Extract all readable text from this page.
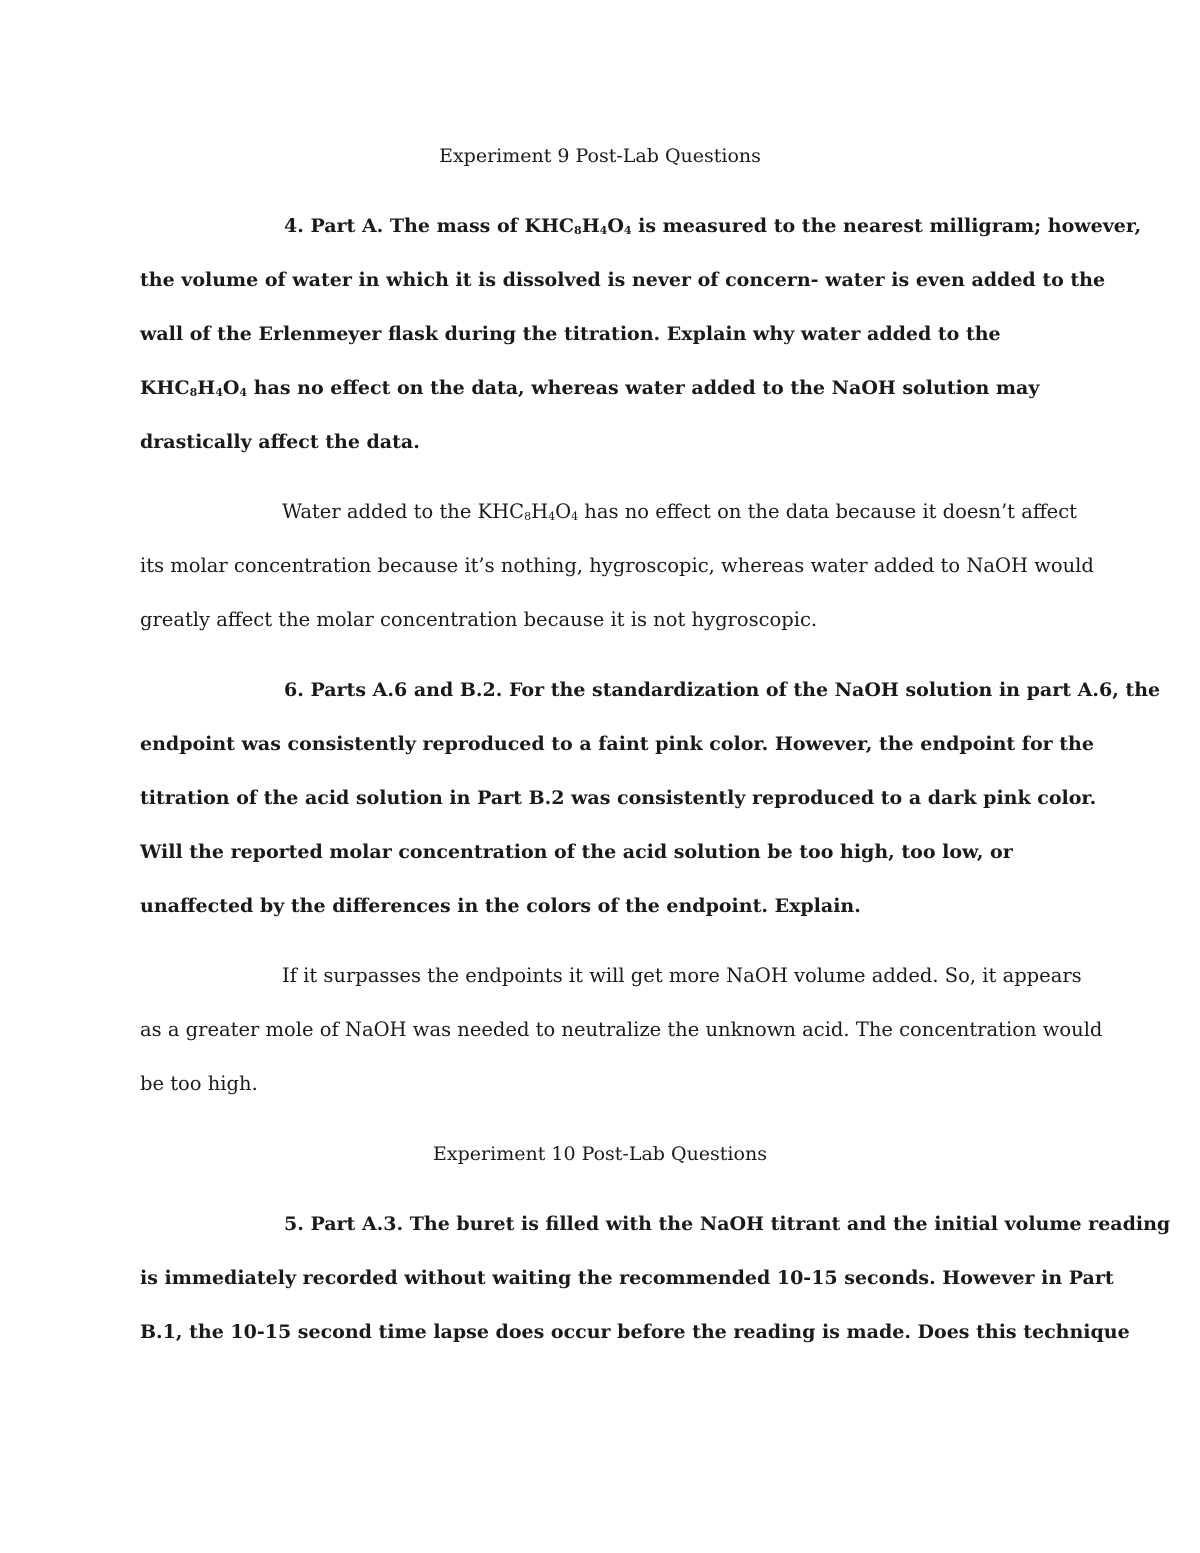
Experiment 9 Post-Lab Questions
4. Part A. The mass of $KHC_8H_4O_4$ is measured to the nearest milligram; however,
the volume of water in which it is dissolved is never of concern- water is even added to the
wall of the Erlenmeyer flask during the titration. Explain why water added to the
$KHC_8H_4O_4$ has no effect on the data, whereas water added to the NaOH solution may
drastically affect the data.
Water added to the $KHC_8H_4O_4$ has no effect on the data because it doesn’t affect
its molar concentration because it’s nothing, hygroscopic, whereas water added to NaOH would
greatly affect the molar concentration because it is not hygroscopic.
6. Parts A.6 and B.2. For the standardization of the NaOH solution in part A.6, the
endpoint was consistently reproduced to a faint pink color. However, the endpoint for the
titration of the acid solution in Part B.2 was consistently reproduced to a dark pink color.
Will the reported molar concentration of the acid solution be too high, too low, or
unaffected by the differences in the colors of the endpoint. Explain.
If it surpasses the endpoints it will get more NaOH volume added. So, it appears
as a greater mole of NaOH was needed to neutralize the unknown acid. The concentration would
be too high.
Experiment 10 Post-Lab Questions
5. Part A.3. The buret is filled with the NaOH titrant and the initial volume reading
is immediately recorded without waiting the recommended 10-15 seconds. However in Part
B.1, the 10-15 second time lapse does occur before the reading is made. Does this technique
